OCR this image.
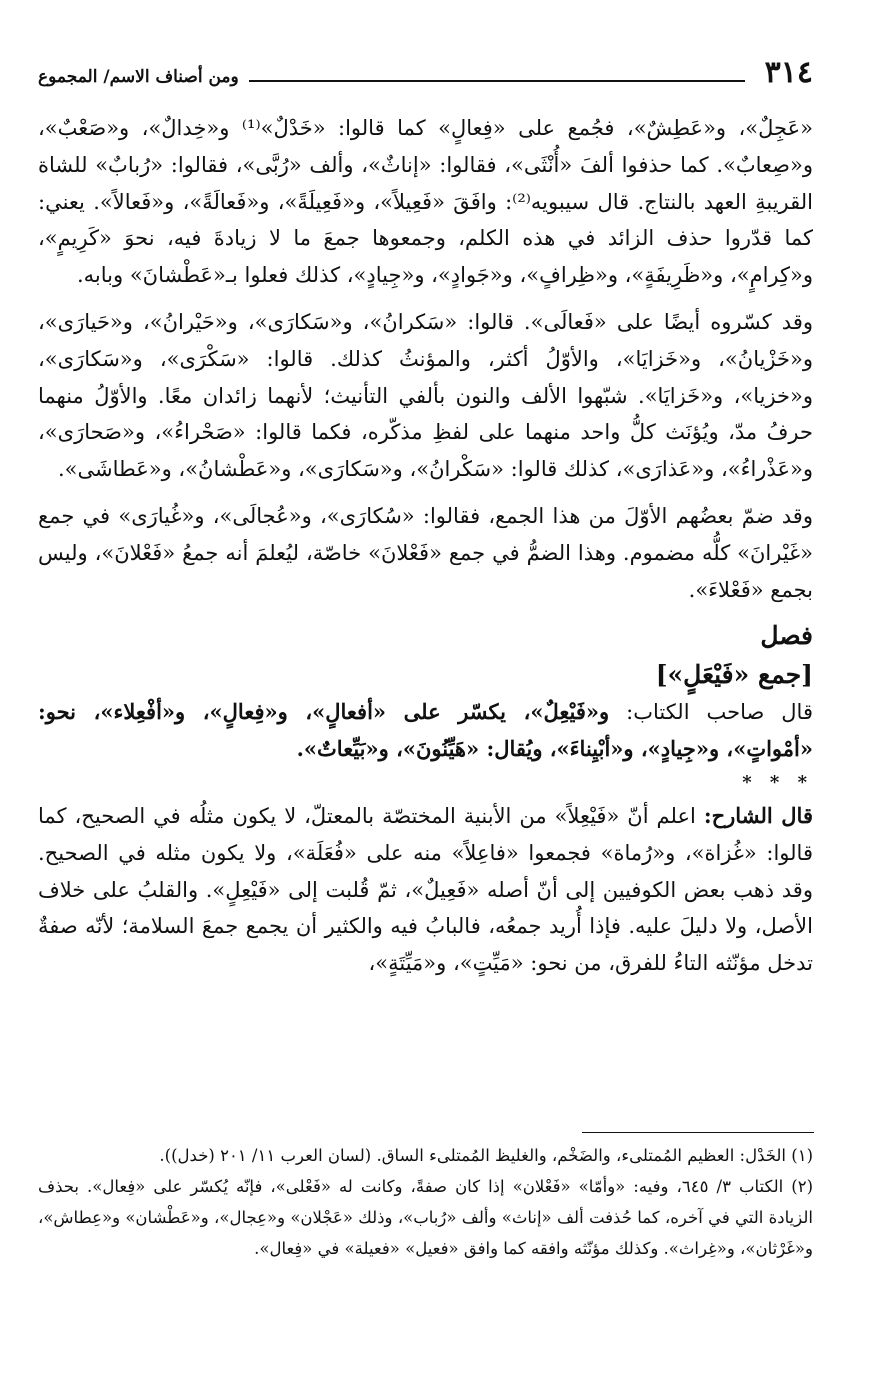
٣١٤
ومن أصناف الاسم/ المجموع

«عَجِلٌ»، و«عَطِشٌ»، فجُمع على «فِعالٍ» كما قالوا: «خَدْلٌ»⁽¹⁾ و«خِدالٌ»، و«صَعْبٌ»، و«صِعابٌ». كما حذفوا ألفَ «أُنْثَى»، فقالوا: «إناثٌ»، وألف «رُبَّى»، فقالوا: «رُبابٌ» للشاة القريبةِ العهد بالنتاج. قال سيبويه⁽²⁾: وافَقَ «فَعِيلاً»، و«فَعِيلَةً»، و«فَعالَةً»، و«فَعالاً». يعني: كما قدّروا حذف الزائد في هذه الكلم، وجمعوها جمعَ ما لا زيادةَ فيه، نحوَ «كَرِيمٍ»، و«كِرامٍ»، و«ظَرِيفَةٍ»، و«ظِرافٍ»، و«جَوادٍ»، و«جِيادٍ»، كذلك فعلوا بـ«عَطْشانَ» وبابه.

وقد كسّروه أيضًا على «فَعالَى». قالوا: «سَكرانُ»، و«سَكارَى»، و«حَيْرانُ»، و«حَيارَى»، و«خَزْيانُ»، و«خَزايَا»، والأوّلُ أكثر، والمؤنثُ كذلك. قالوا: «سَكْرَى»، و«سَكارَى»، و«خزيا»، و«خَزايَا». شبّهوا الألف والنون بألفي التأنيث؛ لأنهما زائدان معًا. والأوّلُ منهما حرفُ مدّ، ويُؤنَث كلُّ واحد منهما على لفظِ مذكّره، فكما قالوا: «صَحْراءُ»، و«صَحارَى»، و«عَذْراءُ»، و«عَذارَى»، كذلك قالوا: «سَكْرانُ»، و«سَكارَى»، و«عَطْشانُ»، و«عَطاشَى».

وقد ضمّ بعضُهم الأوّلَ من هذا الجمع، فقالوا: «سُكارَى»، و«عُجالَى»، و«غُيارَى» في جمع «غَيْرانَ» كلُّه مضموم. وهذا الضمُّ في جمع «فَعْلانَ» خاصّة، ليُعلمَ أنه جمعُ «فَعْلانَ»، وليس بجمع «فَعْلاءَ».

فصل
[جمع «فَيْعَلٍ»]

قال صاحب الكتاب: و«فَيْعِلٌ»، يكسّر على «أفعالٍ»، و«فِعالٍ»، و«أفْعِلاء»، نحو: «أمْواتٍ»، و«جِيادٍ»، و«أبْيِناءَ»، ويُقال: «هَيِّنُونَ»، و«بَيِّعاتٌ».

* * *

قال الشارح: اعلم أنّ «فَيْعِلاً» من الأبنية المختصّة بالمعتلّ، لا يكون مثلُه في الصحيح، كما قالوا: «غُزاة»، و«رُماة» فجمعوا «فاعِلاً» منه على «فُعَلَة»، ولا يكون مثله في الصحيح. وقد ذهب بعض الكوفيين إلى أنّ أصله «فَعِيلٌ»، ثمّ قُلبت إلى «فَيْعِلٍ». والقلبُ على خلاف الأصل، ولا دليلَ عليه. فإذا أُريد جمعُه، فالبابُ فيه والكثير أن يجمع جمعَ السلامة؛ لأنّه صفةٌ تدخل مؤنّثه التاءُ للفرق، من نحو: «مَيِّتٍ»، و«مَيِّتَةٍ»،

(١) الخَدْل: العظيم المُمتلىء، والضَخْم، والغليظ المُمتلىء الساق. (لسان العرب ١١/ ٢٠١ (خدل)).

(٢) الكتاب ٣/ ٦٤٥، وفيه: «وأمّا» «فَعْلان» إذا كان صفةً، وكانت له «فَعْلى»، فإنّه يُكسّر على «فِعال». بحذف الزيادة التي في آخره، كما حُذفت ألف «إناث» وألف «رُباب»، وذلك «عَجْلان» و«عِجال»، و«عَطْشان» و«عِطاش»، و«غَرْثان»، و«غِراث». وكذلك مؤنّثه وافقه كما وافق «فعيل» «فعيلة» في «فِعال».
